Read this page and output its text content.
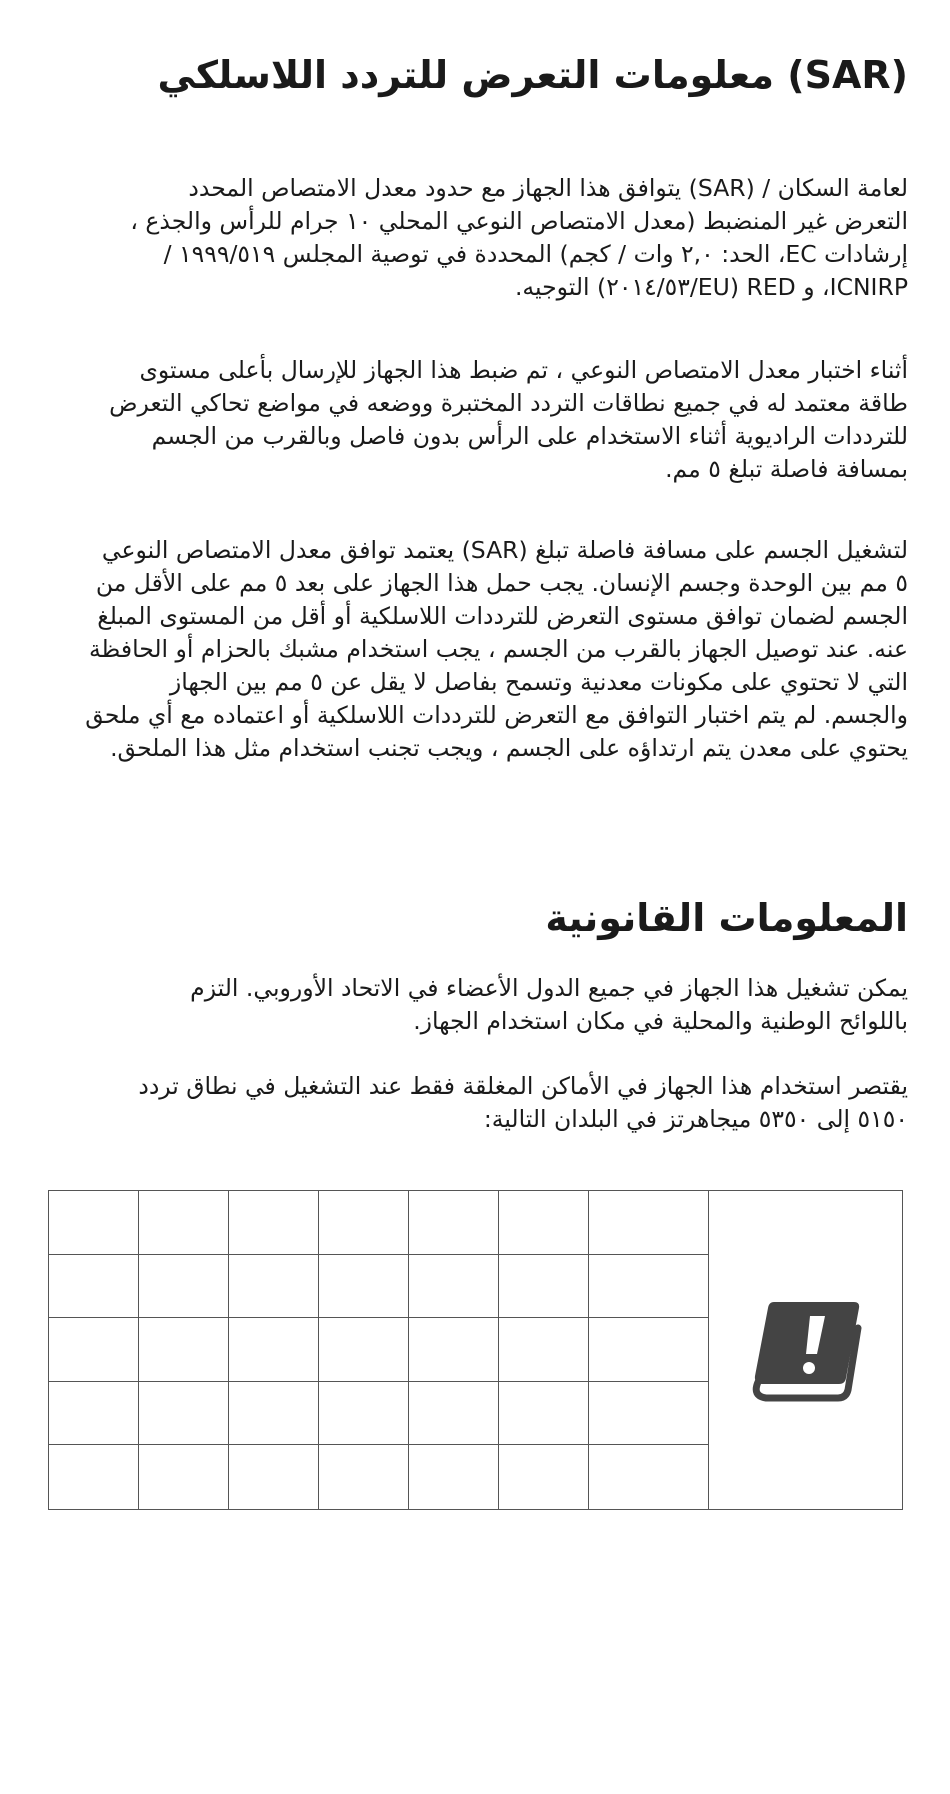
(SAR) معلومات التعرض للتردد اللاسلكي

لعامة السكان / (SAR) يتوافق هذا الجهاز مع حدود معدل الامتصاص المحدد
التعرض غير المنضبط (معدل الامتصاص النوعي المحلي ١٠ جرام للرأس والجذع ،
إرشادات EC، الحد: ٢,٠ وات / كجم) المحددة في توصية المجلس ١٩٩٩/٥١٩ /
ICNIRP، و RED (EU/٢٠١٤/٥٣) التوجيه.

أثناء اختبار معدل الامتصاص النوعي ، تم ضبط هذا الجهاز للإرسال بأعلى مستوى
طاقة معتمد له في جميع نطاقات التردد المختبرة ووضعه في مواضع تحاكي التعرض
للترددات الراديوية أثناء الاستخدام على الرأس بدون فاصل وبالقرب من الجسم
بمسافة فاصلة تبلغ ٥ مم.

لتشغيل الجسم على مسافة فاصلة تبلغ (SAR) يعتمد توافق معدل الامتصاص النوعي
٥ مم بين الوحدة وجسم الإنسان. يجب حمل هذا الجهاز على بعد ٥ مم على الأقل من
الجسم لضمان توافق مستوى التعرض للترددات اللاسلكية أو أقل من المستوى المبلغ
عنه. عند توصيل الجهاز بالقرب من الجسم ، يجب استخدام مشبك بالحزام أو الحافظة
التي لا تحتوي على مكونات معدنية وتسمح بفاصل لا يقل عن ٥ مم بين الجهاز
والجسم. لم يتم اختبار التوافق مع التعرض للترددات اللاسلكية أو اعتماده مع أي ملحق
يحتوي على معدن يتم ارتداؤه على الجسم ، ويجب تجنب استخدام مثل هذا الملحق.

المعلومات القانونية

يمكن تشغيل هذا الجهاز في جميع الدول الأعضاء في الاتحاد الأوروبي. التزم
باللوائح الوطنية والمحلية في مكان استخدام الجهاز.

يقتصر استخدام هذا الجهاز في الأماكن المغلقة فقط عند التشغيل في نطاق تردد
٥١٥٠ إلى ٥٣٥٠ ميجاهرتز في البلدان التالية:
